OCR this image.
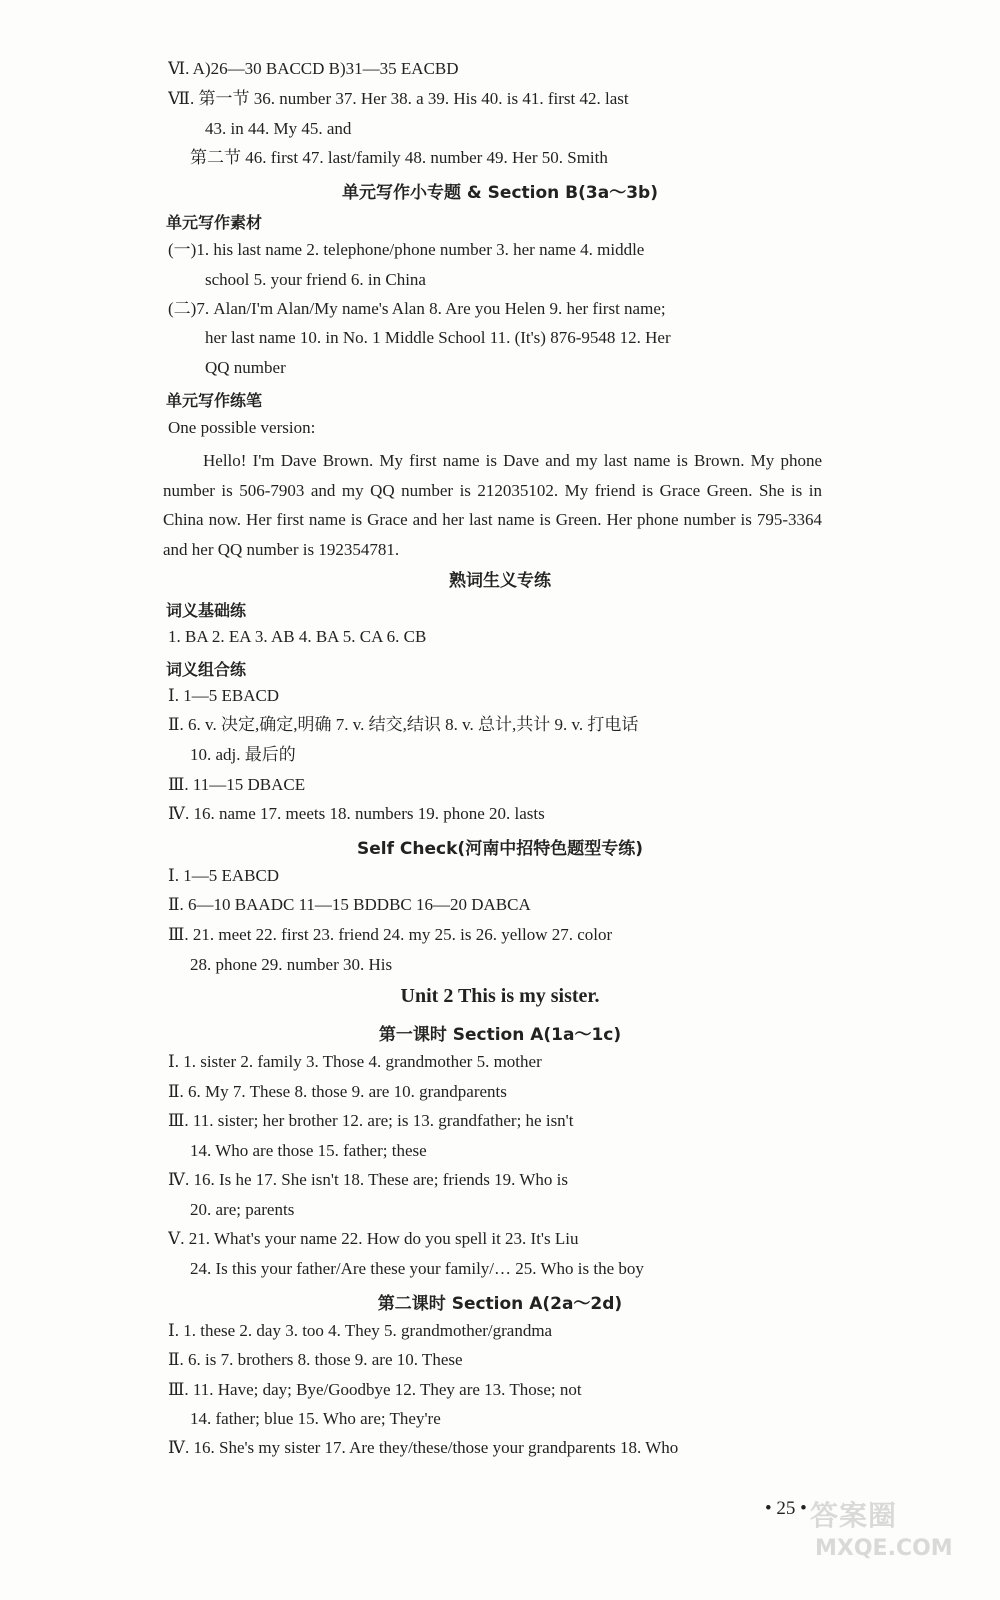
Ⅵ. A)26—30 BACCD B)31—35 EACBD
Ⅶ. 第一节 36. number 37. Her 38. a 39. His 40. is 41. first 42. last
43. in 44. My 45. and
第二节 46. first 47. last/family 48. number 49. Her 50. Smith
单元写作小专题 & Section B(3a～3b)
单元写作素材
(一)1. his last name 2. telephone/phone number 3. her name 4. middle
school 5. your friend 6. in China
(二)7. Alan/I'm Alan/My name's Alan 8. Are you Helen 9. her first name;
her last name 10. in No. 1 Middle School 11. (It's) 876-9548 12. Her
QQ number
单元写作练笔
One possible version:
Hello! I'm Dave Brown. My first name is Dave and my last name is Brown. My phone number is 506-7903 and my QQ number is 212035102. My friend is Grace Green. She is in China now. Her first name is Grace and her last name is Green. Her phone number is 795-3364 and her QQ number is 192354781.
熟词生义专练
词义基础练
1. BA 2. EA 3. AB 4. BA 5. CA 6. CB
词义组合练
Ⅰ. 1—5 EBACD
Ⅱ. 6. v. 决定,确定,明确 7. v. 结交,结识 8. v. 总计,共计 9. v. 打电话
10. adj. 最后的
Ⅲ. 11—15 DBACE
Ⅳ. 16. name 17. meets 18. numbers 19. phone 20. lasts
Self Check(河南中招特色题型专练)
Ⅰ. 1—5 EABCD
Ⅱ. 6—10 BAADC 11—15 BDDBC 16—20 DABCA
Ⅲ. 21. meet 22. first 23. friend 24. my 25. is 26. yellow 27. color
28. phone 29. number 30. His
Unit 2 This is my sister.
第一课时 Section A(1a～1c)
Ⅰ. 1. sister 2. family 3. Those 4. grandmother 5. mother
Ⅱ. 6. My 7. These 8. those 9. are 10. grandparents
Ⅲ. 11. sister; her brother 12. are; is 13. grandfather; he isn't
14. Who are those 15. father; these
Ⅳ. 16. Is he 17. She isn't 18. These are; friends 19. Who is
20. are; parents
Ⅴ. 21. What's your name 22. How do you spell it 23. It's Liu
24. Is this your father/Are these your family/… 25. Who is the boy
第二课时 Section A(2a～2d)
Ⅰ. 1. these 2. day 3. too 4. They 5. grandmother/grandma
Ⅱ. 6. is 7. brothers 8. those 9. are 10. These
Ⅲ. 11. Have; day; Bye/Goodbye 12. They are 13. Those; not
14. father; blue 15. Who are; They're
Ⅳ. 16. She's my sister 17. Are they/these/those your grandparents 18. Who
• 25 • 答案圈
MXQE.COM
